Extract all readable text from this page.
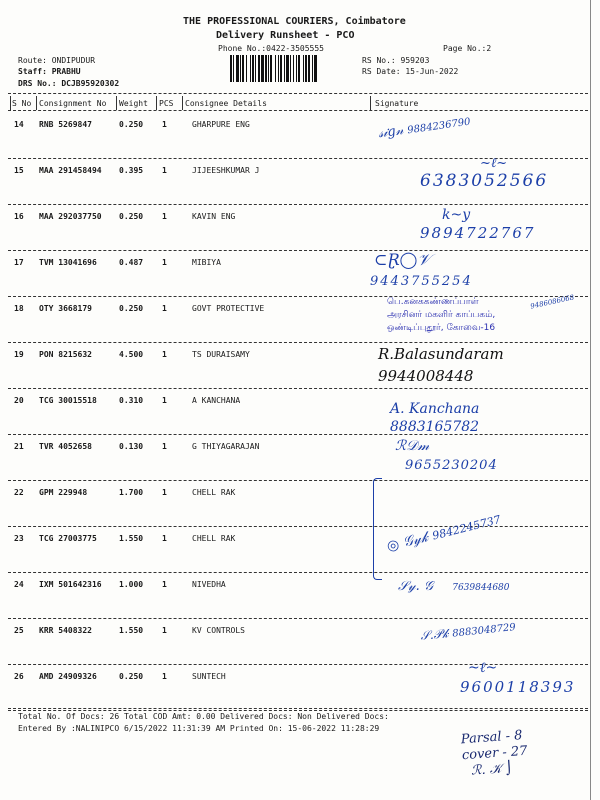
THE PROFESSIONAL COURIERS, Coimbatore
Delivery Runsheet - PCO
Phone No.:0422-3505555	Page No.:2
Route: ONDIPUDUR
Staff: PRABHU
DRS No.: DCJB95920302
RS No.: 959203
RS Date: 15-Jun-2022
S No Consignment No Weight PCS Consignee Details	Signature
14 RNB 5269847	0.250 1	GHARPURE ENG
15 MAA 291458494 0.395 1	JIJEESHKUMAR J
16 MAA 292037750 0.250 1	KAVIN ENG
17 TVM 13041696	0.487 1	MIBIYA
18 OTY 3668179	0.250 1	GOVT PROTECTIVE
19 PON 8215632	4.500 1	TS DURAISAMY
20 TCG 30015518	0.310 1	A KANCHANA
21 TVR 4052658	0.130 1	G THIYAGARAJAN
22 GPM 229948	1.700 1	CHELL RAK
23 TCG 27003775	1.550 1	CHELL RAK
24 IXM 501642316 1.000 1	NIVEDHA
25 KRR 5408322	1.550 1	KV CONTROLS
26 AMD 24909326	0.250 1	SUNTECH
𝓈𝒾𝑔𝓃 9884236790
~ℓ~
6383052566
k~y
9894722767
⊂Ɽ◯𝒱
9443755254
பெ.கனககண்ணப்பாள்
அரசினர் மகளிர் காப்பகம்,
ஒண்டிப்புதூர், கோவை-16
9486086068
R.Balasundaram 9944008448
A. Kanchana 8883165782
ℛ𝒟𝓂
9655230204
◎ 𝒢𝓎𝓀 9842245737
𝒮𝓎. 𝒢 7639844680
𝒮.𝒫𝓀 8883048729
~ℓ~
9600118393
Total No. Of Docs: 26 Total COD Amt: 0.00 Delivered Docs: Non Delivered Docs:
Entered By :NALINIPCO 6/15/2022 11:31:39 AM Printed On: 15-06-2022 11:28:29	Parsal - 8
cover - 27
ℛ. 𝒦 ⌡
